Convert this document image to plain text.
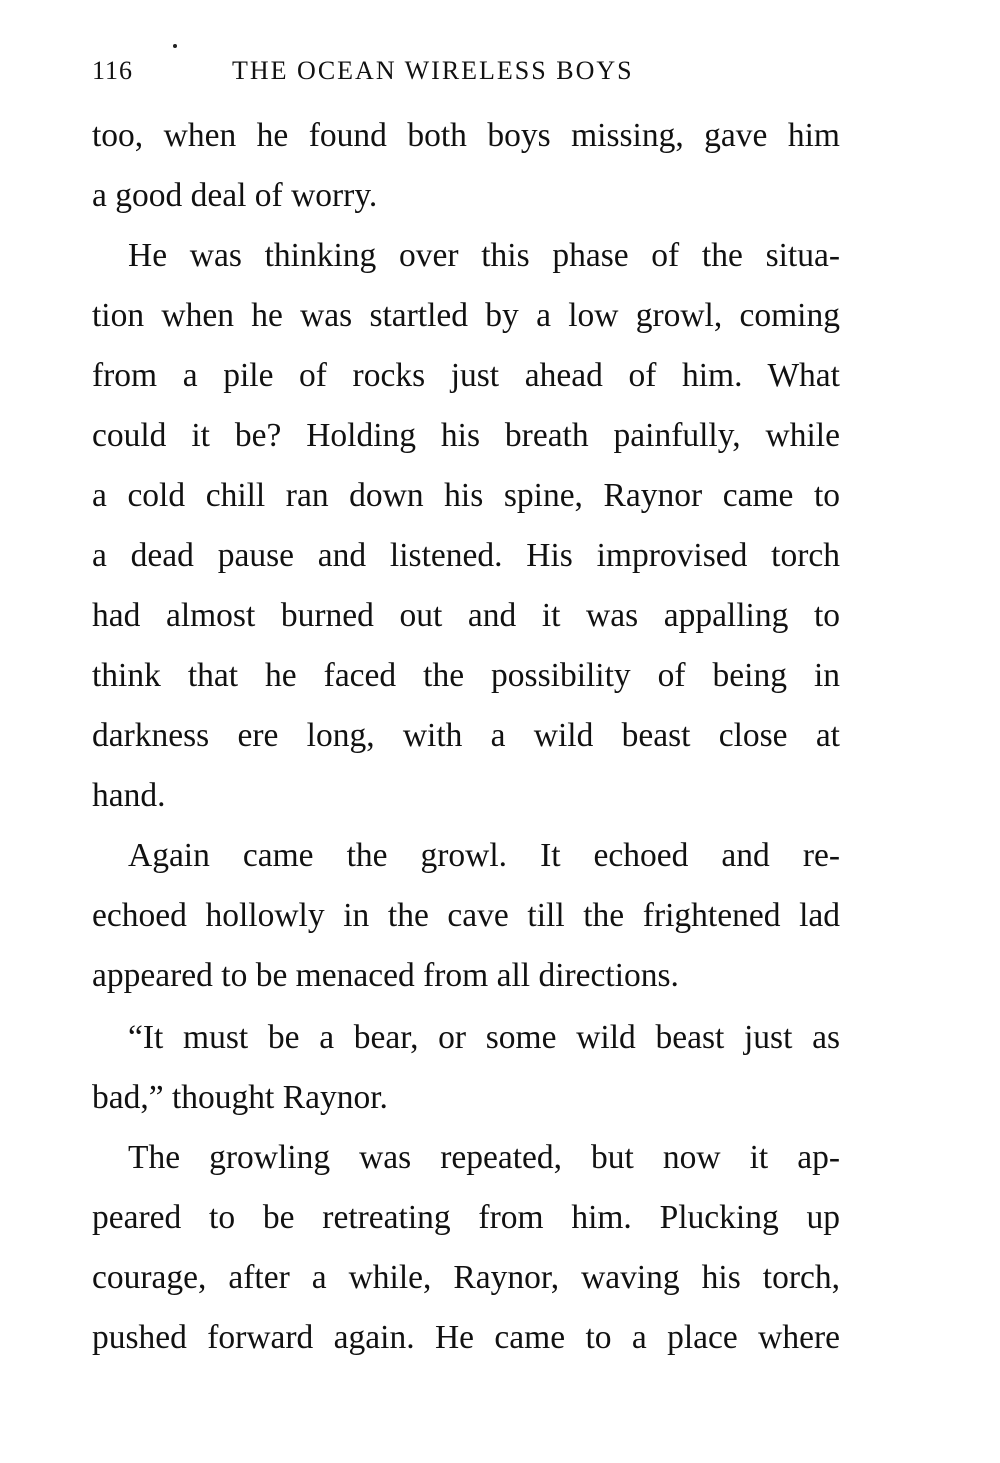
116	THE OCEAN WIRELESS BOYS
too, when he found both boys missing, gave him
a good deal of worry.
He was thinking over this phase of the situa-
tion when he was startled by a low growl, coming
from a pile of rocks just ahead of him. What
could it be? Holding his breath painfully, while
a cold chill ran down his spine, Raynor came to
a dead pause and listened. His improvised torch
had almost burned out and it was appalling to
think that he faced the possibility of being in
darkness ere long, with a wild beast close at
hand.
Again came the growl. It echoed and re-
echoed hollowly in the cave till the frightened lad
appeared to be menaced from all directions.
“It must be a bear, or some wild beast just as
bad,” thought Raynor.
The growling was repeated, but now it ap-
peared to be retreating from him. Plucking up
courage, after a while, Raynor, waving his torch,
pushed forward again. He came to a place where
